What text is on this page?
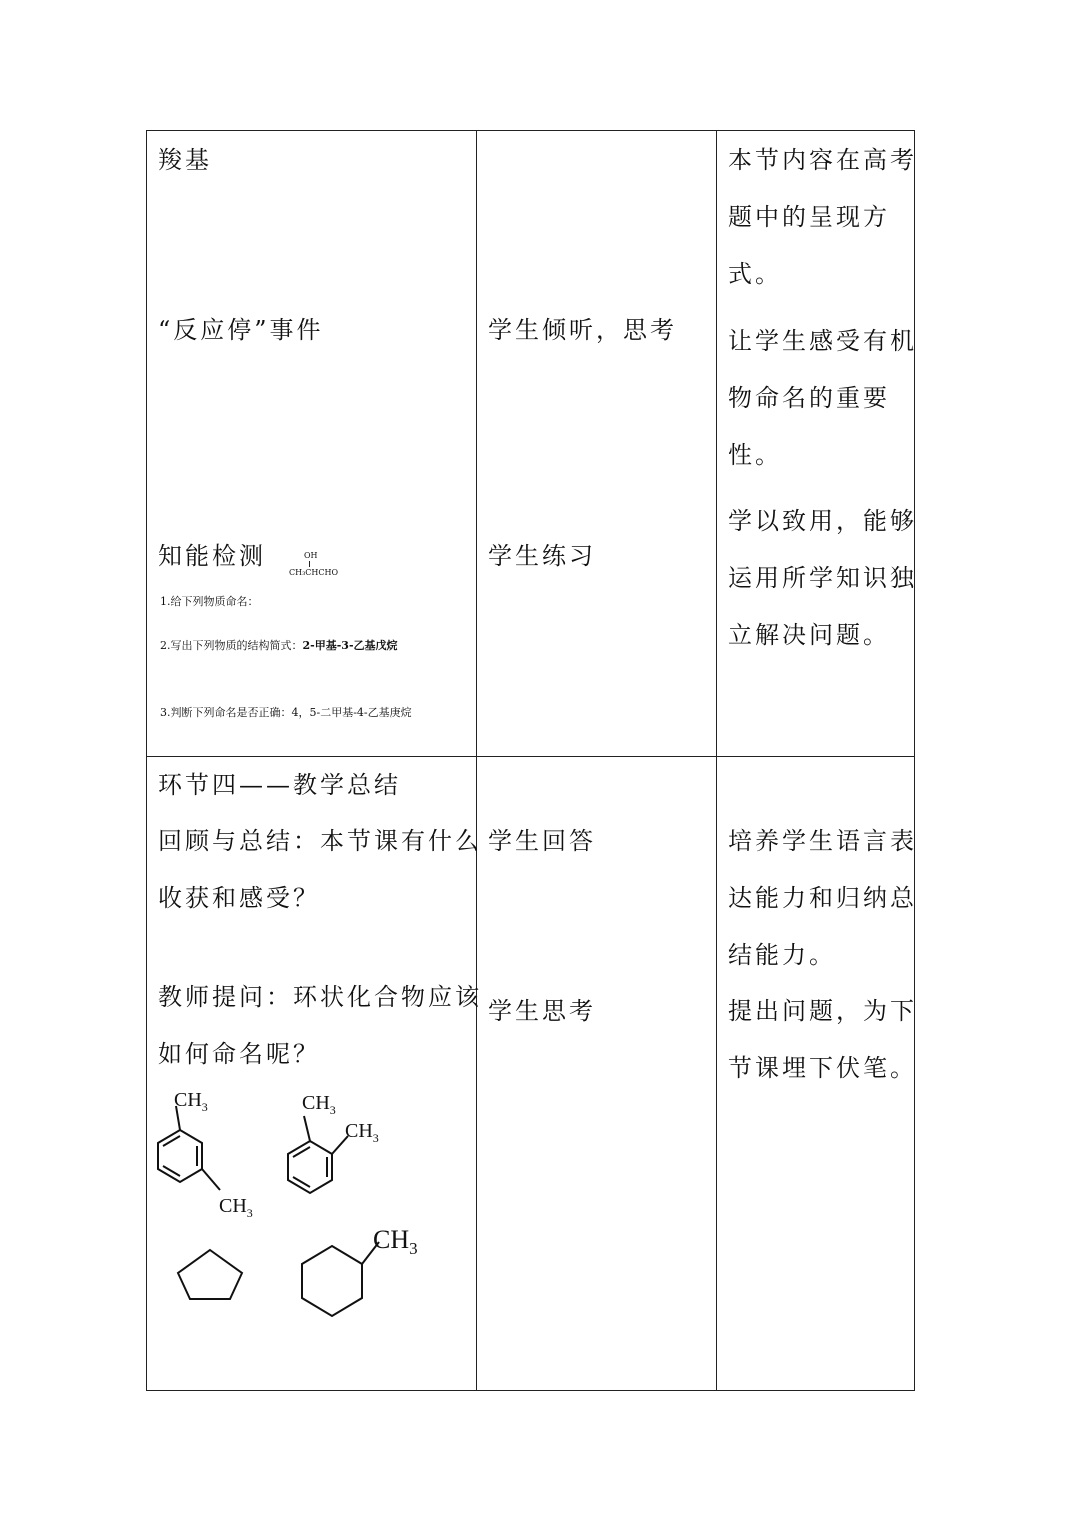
羧基
“反应停”事件
知能检测	OH
CH₃CHCHO
1.给下列物质命名：
2.写出下列物质的结构简式：2-甲基-3-乙基戊烷
3.判断下列命名是否正确：4，5-二甲基-4-乙基庚烷
学生倾听，思考
学生练习
本节内容在高考
题中的呈现方
式。
让学生感受有机
物命名的重要
性。
学以致用，能够
运用所学知识独
立解决问题。
环节四——教学总结
回顾与总结：本节课有什么
收获和感受？
教师提问：环状化合物应该
如何命名呢？
$CH_3$
$CH_3$
$CH_3$
$CH_3$
$CH_3$
学生回答
学生思考
培养学生语言表
达能力和归纳总
结能力。
提出问题，为下
节课埋下伏笔。
